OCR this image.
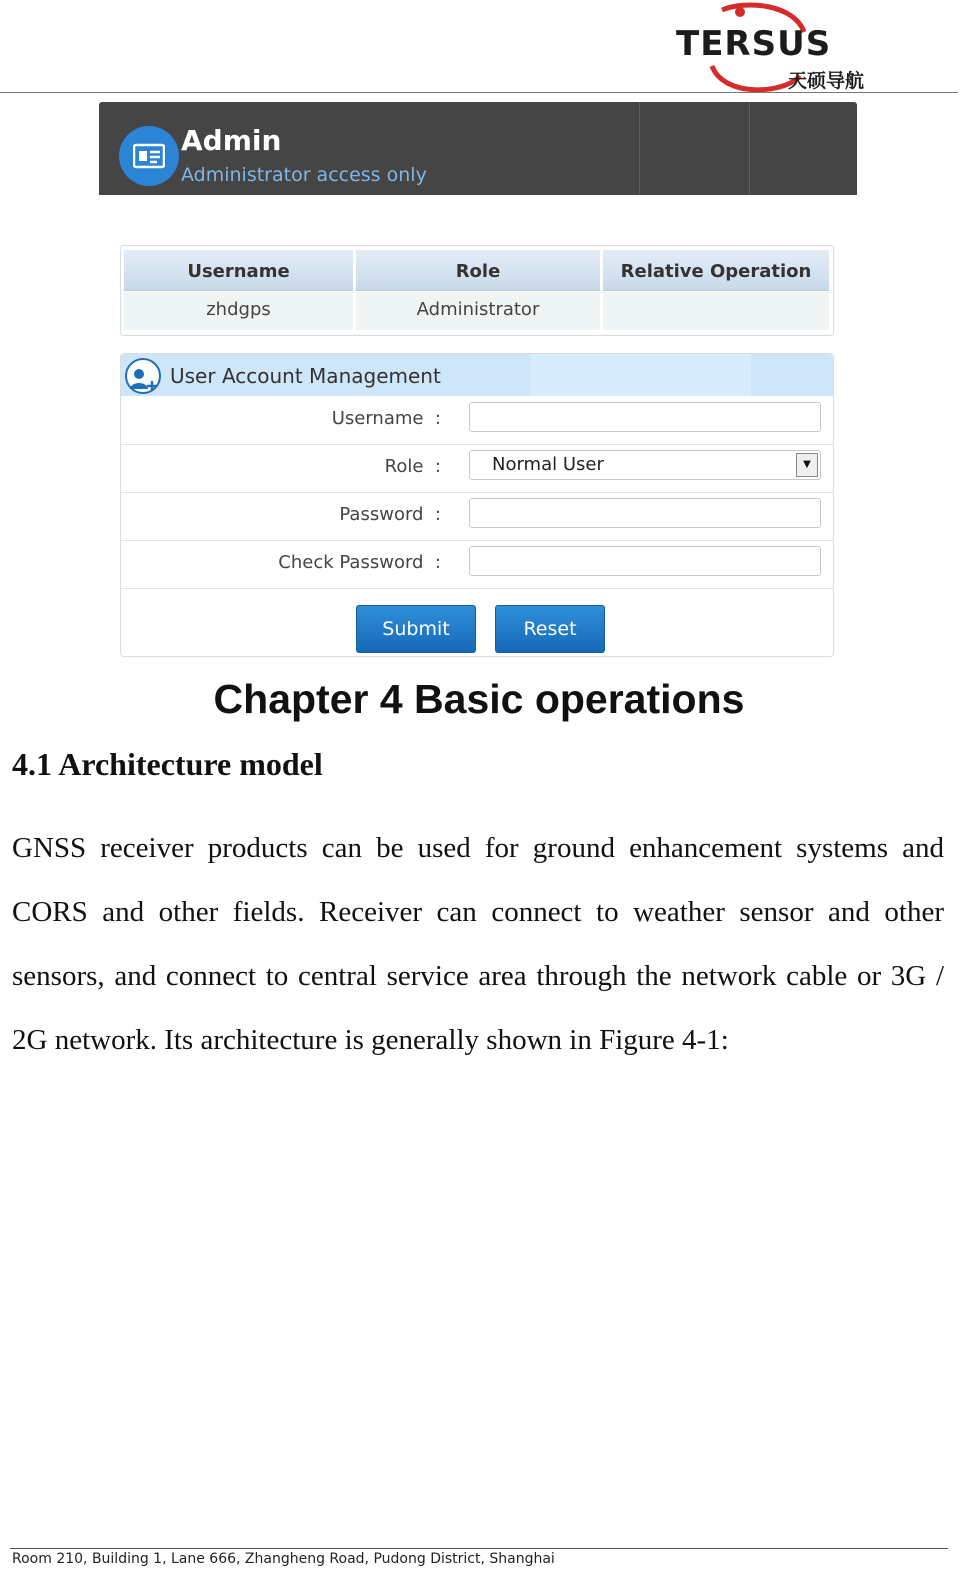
TERSUS
天硕导航
Admin
Administrator access only
Username	Role	Relative Operation
zhdgps	Administrator
User Account Management
Username :
Role :	Normal User	▼
Password :
Check Password :
Submit	Reset
Chapter 4 Basic operations
4.1 Architecture model
GNSS receiver products can be used for ground enhancement systems and
CORS and other fields. Receiver can connect to weather sensor and other
sensors, and connect to central service area through the network cable or 3G /
2G network. Its architecture is generally shown in Figure 4-1:
Room 210, Building 1, Lane 666, Zhangheng Road, Pudong District, Shanghai
